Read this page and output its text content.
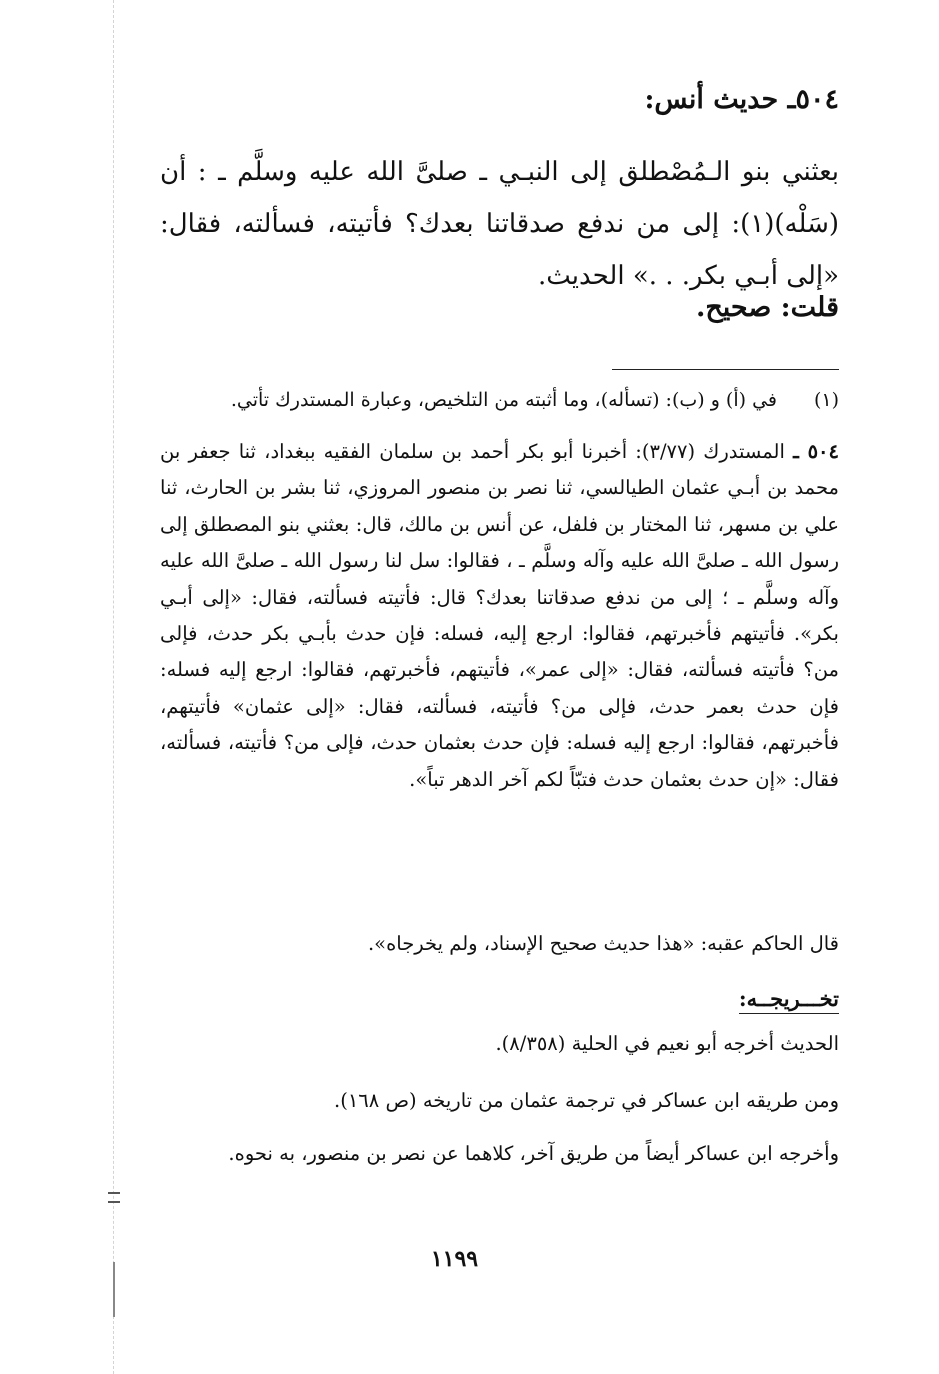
٥٠٤ـ حديث أنس:
بعثني بنو الـمُصْطلق إلى النبـي ـ صلىَّ الله عليه وسلَّم ـ : أن (سَلْه)(١): إلى من ندفع صدقاتنا بعدك؟ فأتيته، فسألته، فقال: «إلى أبـي بكر. . .» الحديث.
قلت: صحيح.
(١)
في (أ) و (ب): (تسأله)، وما أثبته من التلخيص، وعبارة المستدرك تأتي.
٥٠٤ ـ المستدرك (٣/٧٧): أخبرنا أبو بكر أحمد بن سلمان الفقيه ببغداد، ثنا جعفر بن محمد بن أبـي عثمان الطيالسي، ثنا نصر بن منصور المروزي، ثنا بشر بن الحارث، ثنا علي بن مسهر، ثنا المختار بن فلفل، عن أنس بن مالك، قال: بعثني بنو المصطلق إلى رسول الله ـ صلىَّ الله عليه وآله وسلَّم ـ ، فقالوا: سل لنا رسول الله ـ صلىَّ الله عليه وآله وسلَّم ـ ؛ إلى من ندفع صدقاتنا بعدك؟ قال: فأتيته فسألته، فقال: «إلى أبـي بكر». فأتيتهم فأخبرتهم، فقالوا: ارجع إليه، فسله: فإن حدث بأبـي بكر حدث، فإلى من؟ فأتيته فسألته، فقال: «إلى عمر»، فأتيتهم، فأخبرتهم، فقالوا: ارجع إليه فسله: فإن حدث بعمر حدث، فإلى من؟ فأتيته، فسألته، فقال: «إلى عثمان» فأتيتهم، فأخبرتهم، فقالوا: ارجع إليه فسله: فإن حدث بعثمان حدث، فإلى من؟ فأتيته، فسألته، فقال: «إن حدث بعثمان حدث فتبّاً لكم آخر الدهر تباً».
قال الحاكم عقبه: «هذا حديث صحيح الإسناد، ولم يخرجاه».
تخـــريجــه:
الحديث أخرجه أبو نعيم في الحلية (٨/٣٥٨).
ومن طريقه ابن عساكر في ترجمة عثمان من تاريخه (ص ١٦٨).
وأخرجه ابن عساكر أيضاً من طريق آخر، كلاهما عن نصر بن منصور، به نحوه.
١١٩٩
